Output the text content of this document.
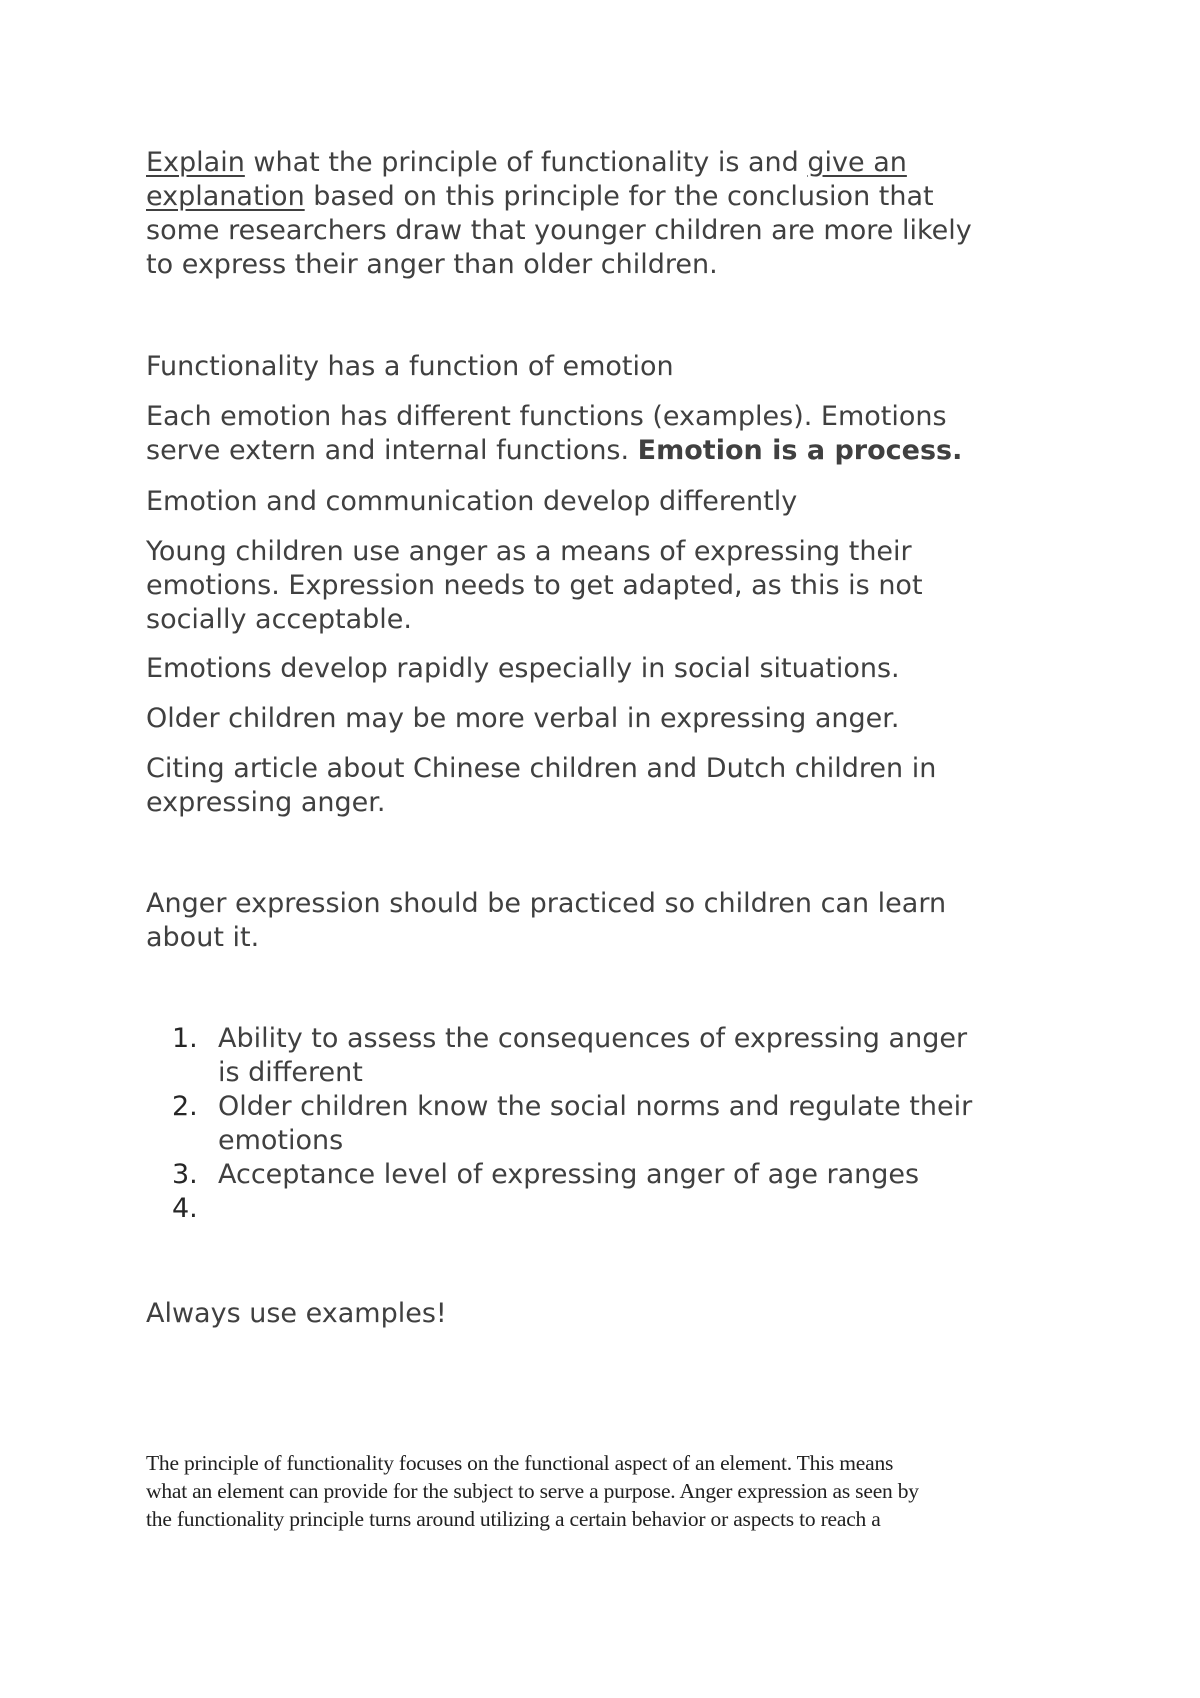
Explain what the principle of functionality is and give an
explanation based on this principle for the conclusion that
some researchers draw that younger children are more likely
to express their anger than older children.
Functionality has a function of emotion
Each emotion has different functions (examples). Emotions
serve extern and internal functions. Emotion is a process.
Emotion and communication develop differently
Young children use anger as a means of expressing their
emotions. Expression needs to get adapted, as this is not
socially acceptable.
Emotions develop rapidly especially in social situations.
Older children may be more verbal in expressing anger.
Citing article about Chinese children and Dutch children in
expressing anger.
Anger expression should be practiced so children can learn
about it.
1. Ability to assess the consequences of expressing anger
is different
2. Older children know the social norms and regulate their
emotions
3. Acceptance level of expressing anger of age ranges
4.
Always use examples!
The principle of functionality focuses on the functional aspect of an element. This means
what an element can provide for the subject to serve a purpose. Anger expression as seen by
the functionality principle turns around utilizing a certain behavior or aspects to reach a
